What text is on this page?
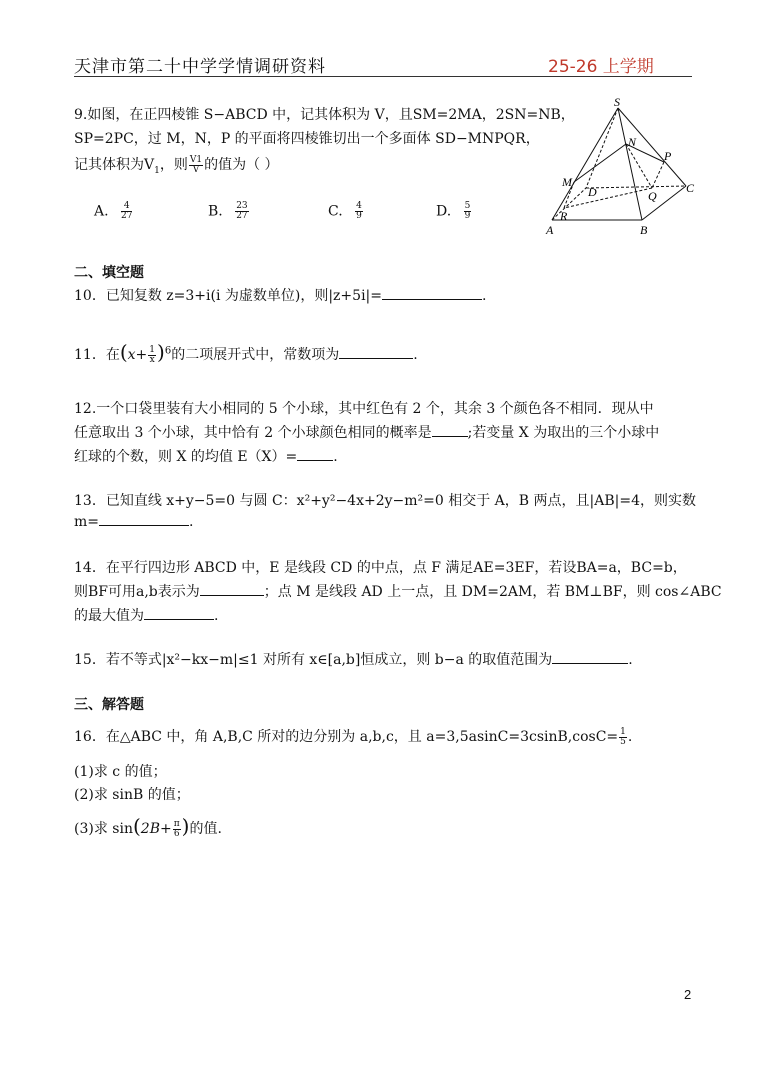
天津市第二十中学学情调研资料	25-26 上学期
9.如图，在正四棱锥 S−ABCD 中，记其体积为 V，且SM=2MA，2SN=NB，
SP=2PC，过 M，N，P 的平面将四棱锥切出一个多面体 SD−MNPQR，
记其体积为$V_1$，则 $\frac{V1}{V}$ 的值为（ ）
A. $\frac{4}{27}$	B. $\frac{23}{27}$	C. $\frac{4}{9}$	D. $\frac{5}{9}$
S
N
P
M
D	C
Q
R
A	B
二、填空题
10．已知复数 z=3+i(i 为虚数单位)，则|z+5i|=	.
11．在$(x+ \frac{1}{x} )^6$的二项展开式中，常数项为	.
12.一个口袋里装有大小相同的 5 个小球，其中红色有 2 个，其余 3 个颜色各不相同．现从中
任意取出 3 个小球，其中恰有 2 个小球颜色相同的概率是	;若变量 X 为取出的三个小球中
红球的个数，则 X 的均值 E（X）=	.
13．已知直线 x+y−5=0 与圆 C：x²+y²−4x+2y−m²=0 相交于 A，B 两点，且|AB|=4，则实数
m=	.
14．在平行四边形 ABCD 中，E 是线段 CD 的中点，点 F 满足AE=3EF，若设BA=a，BC=b，
则BF可用a,b表示为	；点 M 是线段 AD 上一点，且 DM=2AM，若 BM⊥BF，则 cos∠ABC
的最大值为	.
15．若不等式|x²−kx−m|≤1 对所有 x∈[a,b]恒成立，则 b−a 的取值范围为	.
三、解答题
16．在△ABC 中，角 A,B,C 所对的边分别为 a,b,c，且 $a=3,5asinC=3csinB,\cos C= \frac{1}{5}$ .
(1)求 c 的值；
(2)求 sinB 的值；
(3)求 $\sin(2B+ \frac{\pi}{6}$ )的值.
2
